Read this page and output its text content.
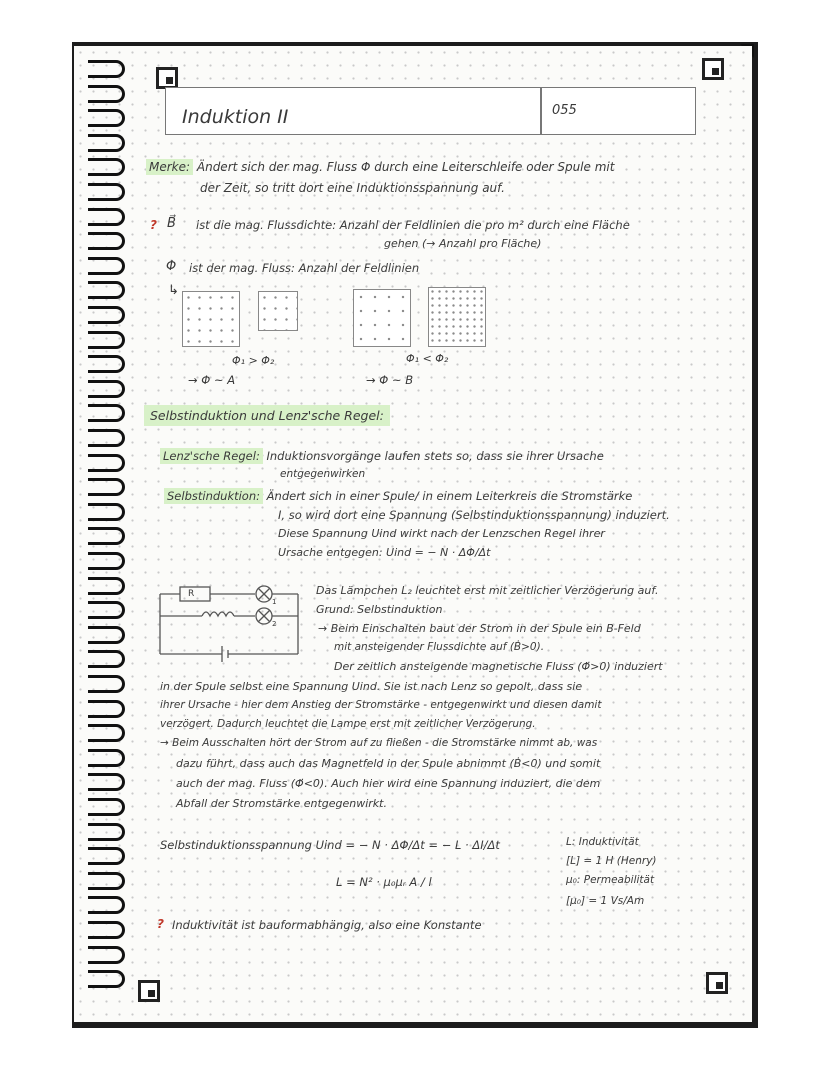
Induktion II	055
Merke: Ändert sich der mag. Fluss Φ durch eine Leiterschleife oder Spule mit
der Zeit, so tritt dort eine Induktionsspannung auf.
? B⃗ ist die mag. Flussdichte: Anzahl der Feldlinien die pro m² durch eine Fläche
gehen (→ Anzahl pro Fläche)
Φ ist der mag. Fluss: Anzahl der Feldlinien
↳
Φ₁ > Φ₂
→ Φ ~ A
Φ₁ < Φ₂
→ Φ ~ B
Selbstinduktion und Lenz'sche Regel:
Lenz'sche Regel: Induktionsvorgänge laufen stets so, dass sie ihrer Ursache
entgegenwirken
Selbstinduktion: Ändert sich in einer Spule/ in einem Leiterkreis die Stromstärke
I, so wird dort eine Spannung (Selbstinduktionsspannung) induziert.
Diese Spannung Uind wirkt nach der Lenzschen Regel ihrer
Ursache entgegen: Uind = − N · ΔΦ/Δt
R
1
2
Das Lämpchen L₂ leuchtet erst mit zeitlicher Verzögerung auf.
Grund: Selbstinduktion
→ Beim Einschalten baut der Strom in der Spule ein B-Feld
mit ansteigender Flussdichte auf (Ḃ>0).
Der zeitlich ansteigende magnetische Fluss (Φ̇>0) induziert
in der Spule selbst eine Spannung Uind. Sie ist nach Lenz so gepolt, dass sie
ihrer Ursache - hier dem Anstieg der Stromstärke - entgegenwirkt und diesen damit
verzögert. Dadurch leuchtet die Lampe erst mit zeitlicher Verzögerung.
→ Beim Ausschalten hört der Strom auf zu fließen - die Stromstärke nimmt ab, was
dazu führt, dass auch das Magnetfeld in der Spule abnimmt (Ḃ<0) und somit
auch der mag. Fluss (Φ̇<0). Auch hier wird eine Spannung induziert, die dem
Abfall der Stromstärke entgegenwirkt.
Selbstinduktionsspannung Uind = − N · ΔΦ/Δt = − L · ΔI/Δt
L = N² · μ₀μᵣ A / l
L: Induktivität
[L] = 1 H (Henry)
μ₀: Permeabilität
[μ₀] = 1 Vs/Am
? Induktivität ist bauformabhängig, also eine Konstante
